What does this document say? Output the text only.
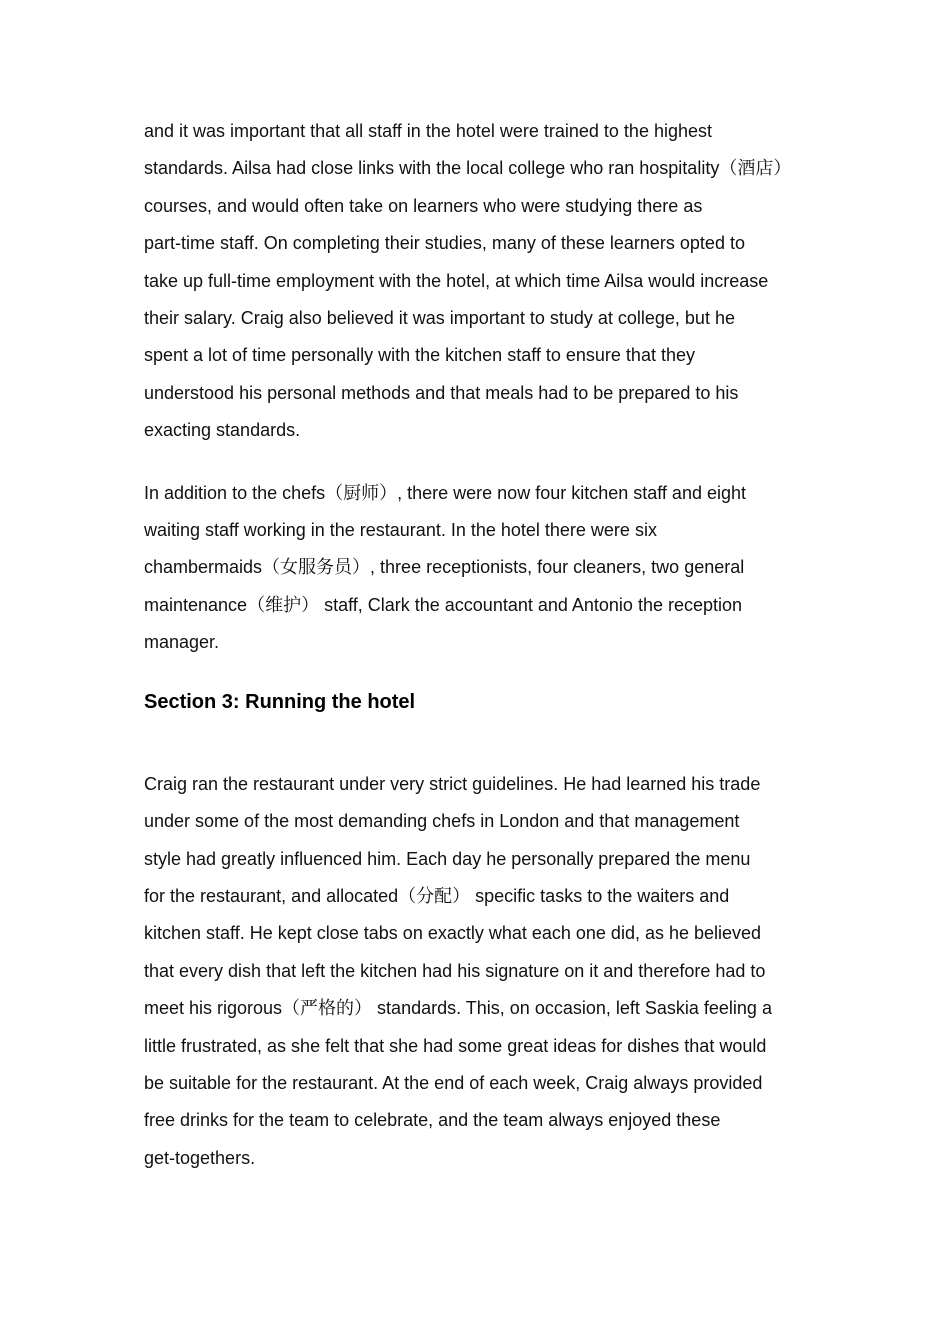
and it was important that all staff in the hotel were trained to the highest
standards. Ailsa had close links with the local college who ran hospitality（酒店）
courses, and would often take on learners who were studying there as
part-time staff. On completing their studies, many of these learners opted to
take up full-time employment with the hotel, at which time Ailsa would increase
their salary. Craig also believed it was important to study at college, but he
spent a lot of time personally with the kitchen staff to ensure that they
understood his personal methods and that meals had to be prepared to his
exacting standards.

In addition to the chefs（厨师）, there were now four kitchen staff and eight
waiting staff working in the restaurant. In the hotel there were six
chambermaids（女服务员）, three receptionists, four cleaners, two general
maintenance（维护） staff, Clark the accountant and Antonio the reception
manager.

Section 3: Running the hotel

Craig ran the restaurant under very strict guidelines. He had learned his trade
under some of the most demanding chefs in London and that management
style had greatly influenced him. Each day he personally prepared the menu
for the restaurant, and allocated（分配） specific tasks to the waiters and
kitchen staff. He kept close tabs on exactly what each one did, as he believed
that every dish that left the kitchen had his signature on it and therefore had to
meet his rigorous（严格的） standards. This, on occasion, left Saskia feeling a
little frustrated, as she felt that she had some great ideas for dishes that would
be suitable for the restaurant. At the end of each week, Craig always provided
free drinks for the team to celebrate, and the team always enjoyed these
get-togethers.
